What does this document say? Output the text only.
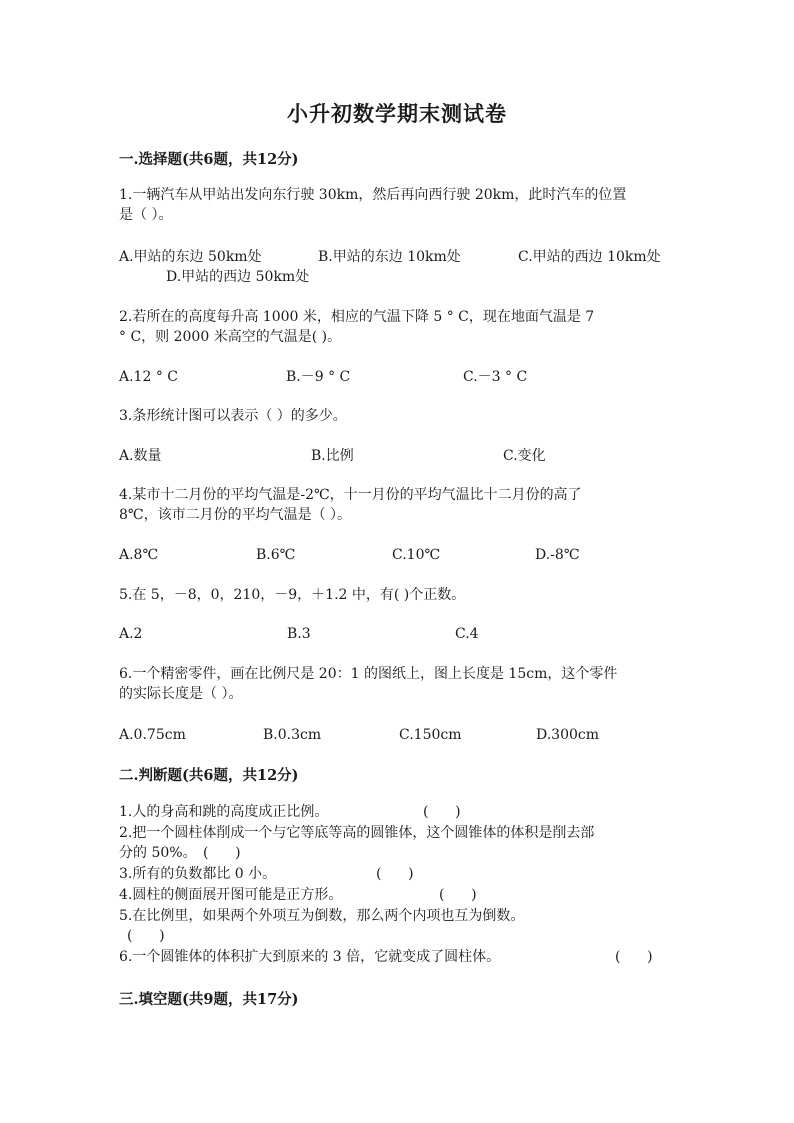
小升初数学期末测试卷
一.选择题(共6题，共12分)
1.一辆汽车从甲站出发向东行驶 30km，然后再向西行驶 20km，此时汽车的位置
是（ ）。
A.甲站的东边 50km处	B.甲站的东边 10km处	C.甲站的西边 10km处
D.甲站的西边 50km处
2.若所在的高度每升高 1000 米，相应的气温下降 5 ° C，现在地面气温是 7
° C，则 2000 米高空的气温是( )。
A.12 ° C	B.－9 ° C	C.－3 ° C
3.条形统计图可以表示（ ）的多少。
A.数量	B.比例	C.变化
4.某市十二月份的平均气温是-2℃，十一月份的平均气温比十二月份的高了
8℃，该市二月份的平均气温是（ ）。
A.8℃	B.6℃	C.10℃	D.-8℃
5.在 5，－8，0，210，－9，＋1.2 中，有( )个正数。
A.2	B.3	C.4
6.一个精密零件，画在比例尺是 20：1 的图纸上，图上长度是 15cm，这个零件
的实际长度是（ ）。
A.0.75cm	B.0.3cm	C.150cm	D.300cm
二.判断题(共6题，共12分)
1.人的身高和跳的高度成正比例。	(      )
2.把一个圆柱体削成一个与它等底等高的圆锥体，这个圆锥体的体积是削去部
分的 50%。 (      )
3.所有的负数都比 0 小。	(      )
4.圆柱的侧面展开图可能是正方形。	(      )
5.在比例里，如果两个外项互为倒数，那么两个内项也互为倒数。
(      )
6.一个圆锥体的体积扩大到原来的 3 倍，它就变成了圆柱体。	(      )
三.填空题(共9题，共17分)
